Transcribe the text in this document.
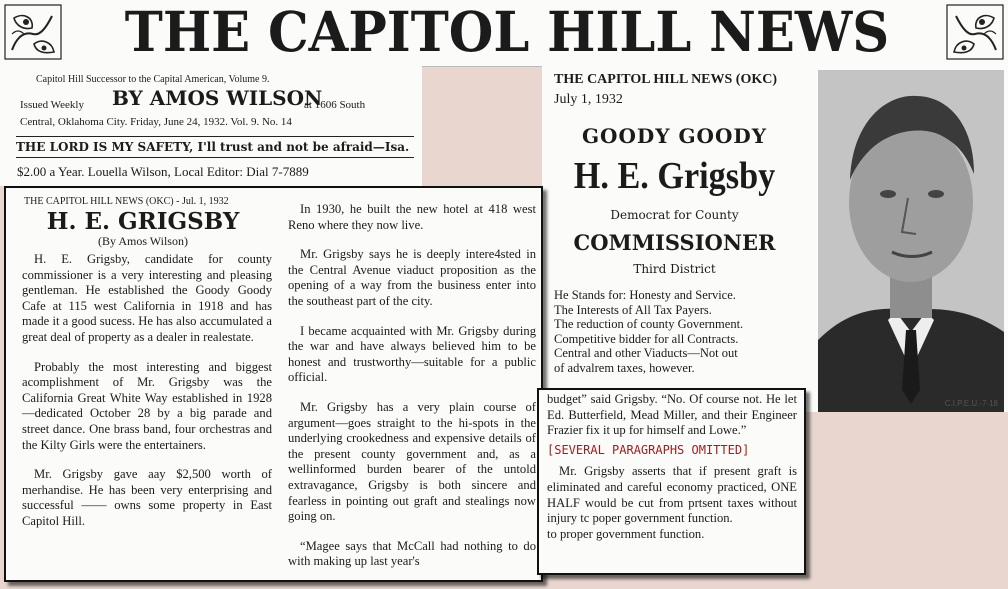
THE CAPITOL HILL NEWS
Capitol Hill Successor to the Capital American, Volume 9.
Issued Weekly BY AMOS WILSON
at 1606 South
Central, Oklahoma City. Friday, June 24, 1932. Vol. 9. No. 14
THE LORD IS MY SAFETY, I'll trust and not be afraid—Isa.
$2.00 a Year. Louella Wilson, Local Editor: Dial 7-7889
THE CAPITOL HILL NEWS (OKC)
July 1, 1932
GOODY GOODY
H. E. Grigsby
Democrat for County
COMMISSIONER
Third District
He Stands for: Honesty and Service.
The Interests of All Tax Payers.
The reduction of county Government.
Competitive bidder for all Contracts.
Central and other Viaducts—Not out
of advalrem taxes, however.
C.I.P.E.U.-7-18
THE CAPITOL HILL NEWS (OKC) - Jul. 1, 1932
H. E. GRIGSBY
(By Amos Wilson)

H. E. Grigsby, candidate for county commissioner is a very interesting and pleasing gentleman. He established the Goody Goody Cafe at 115 west California in 1918 and has made it a good sucess. He has also accumulated a great deal of property as a dealer in realestate.

Probably the most interesting and biggest acomplishment of Mr. Grigsby was the California Great White Way established in 1928—dedicated October 28 by a big parade and street dance. One brass band, four orchestras and the Kilty Girls were the entertainers.

Mr. Grigsby gave aay $2,500 worth of merhandise. He has been very enterprising and successful —— owns some property in East Capitol Hill.

In 1930, he built the new hotel at 418 west Reno where they now live.

Mr. Grigsby says he is deeply intere4sted in the Central Avenue viaduct proposition as the opening of a way from the business enter into the southeast part of the city.

I became acquainted with Mr. Grigsby during the war and have always believed him to be honest and trustworthy—suitable for a public official.

Mr. Grigsby has a very plain course of argument—goes straight to the hi-spots in the underlying crookedness and expensive details of the present county government and, as a wellinformed burden bearer of the untold extravagance, Grigsby is both sincere and fearless in pointing out graft and stealings now going on.

“Magee says that McCall had nothing to do with making up last year's

budget” said Grigsby. “No. Of course not. He let Ed. Butterfield, Mead Miller, and their Engineer Frazier fix it up for himself and Lowe.”

[SEVERAL PARAGRAPHS OMITTED]

Mr. Grigsby asserts that if present graft is eliminated and careful economy practiced, ONE HALF would be cut from prtsent taxes without injury tc poper government function.

to proper government function.
